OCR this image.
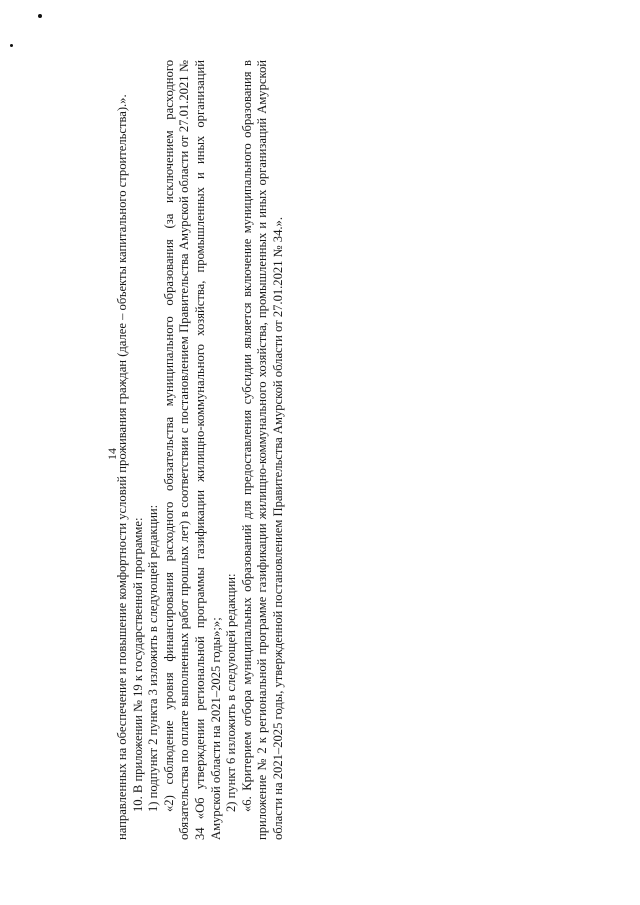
14

направленных на обеспечение и повышение комфортности условий проживания граждан (далее – объекты капитального строительства).». 10. В приложении № 19 к государственной программе: 1) подпункт 2 пункта 3 изложить в следующей редакции: «2) соблюдение уровня финансирования расходного обязательства муниципального образования (за исключением расходного обязательства по оплате выполненных работ прошлых лет) в соответствии с постановлением Правительства Амурской области от 27.01.2021 № 34 «Об утверждении региональной программы газификации жилищно-коммунального хозяйства, промышленных и иных организаций Амурской области на 2021–2025 годы»;»; 2) пункт 6 изложить в следующей редакции: «6. Критерием отбора муниципальных образований для предоставления субсидии является включение муниципального образования в приложение № 2 к региональной программе газификации жилищно-коммунального хозяйства, промышленных и иных организаций Амурской области на 2021–2025 годы, утвержденной постановлением Правительства Амурской области от 27.01.2021 № 34.».
